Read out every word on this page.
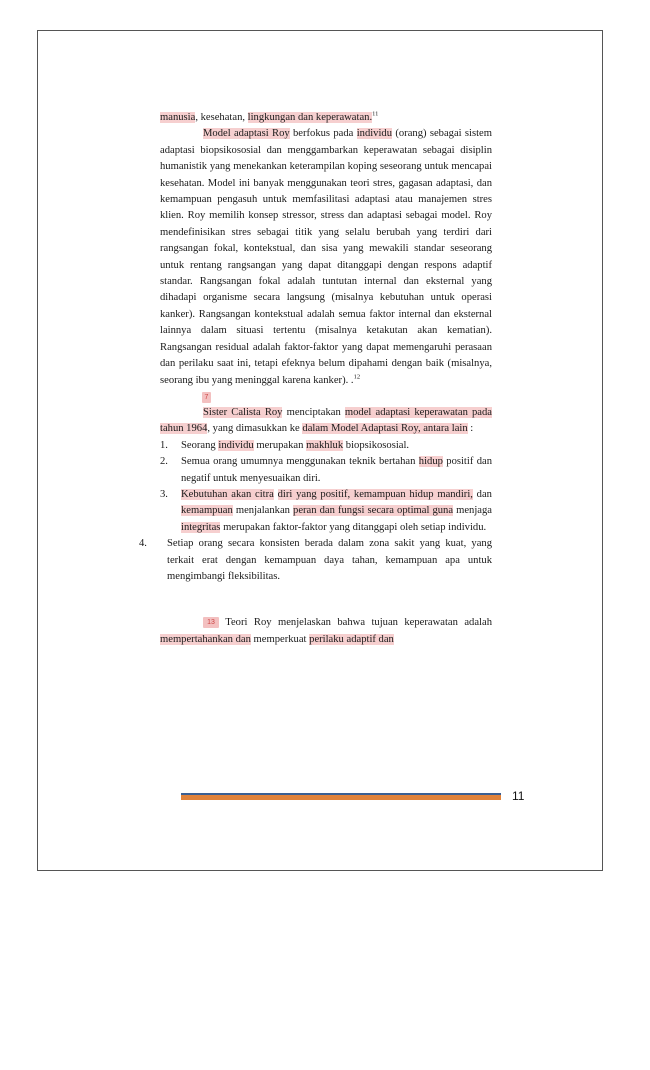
manusia, kesehatan, lingkungan dan keperawatan.$^{11}$

Model adaptasi Roy berfokus pada individu (orang) sebagai sistem adaptasi biopsikososial dan menggambarkan keperawatan sebagai disiplin humanistik yang menekankan keterampilan koping seseorang untuk mencapai kesehatan. Model ini banyak menggunakan teori stres, gagasan adaptasi, dan kemampuan pengasuh untuk memfasilitasi adaptasi atau manajemen stres klien. Roy memilih konsep stressor, stress dan adaptasi sebagai model. Roy mendefinisikan stres sebagai titik yang selalu berubah yang terdiri dari rangsangan fokal, kontekstual, dan sisa yang mewakili standar seseorang untuk rentang rangsangan yang dapat ditanggapi dengan respons adaptif standar. Rangsangan fokal adalah tuntutan internal dan eksternal yang dihadapi organisme secara langsung (misalnya kebutuhan untuk operasi kanker). Rangsangan kontekstual adalah semua faktor internal dan eksternal lainnya dalam situasi tertentu (misalnya ketakutan akan kematian). Rangsangan residual adalah faktor-faktor yang dapat memengaruhi perasaan dan perilaku saat ini, tetapi efeknya belum dipahami dengan baik (misalnya, seorang ibu yang meninggal karena kanker). .$^{12}$

7

Sister Calista Roy menciptakan model adaptasi keperawatan pada tahun 1964, yang dimasukkan ke dalam Model Adaptasi Roy, antara lain :

1. Seorang individu merupakan makhluk biopsikososial.
2. Semua orang umumnya menggunakan teknik bertahan hidup positif dan negatif untuk menyesuaikan diri.
3. Kebutuhan akan citra diri yang positif, kemampuan hidup mandiri, dan kemampuan menjalankan peran dan fungsi secara optimal guna menjaga integritas merupakan faktor-faktor yang ditanggapi oleh setiap individu.
4. Setiap orang secara konsisten berada dalam zona sakit yang kuat, yang terkait erat dengan kemampuan daya tahan, kemampuan apa untuk mengimbangi fleksibilitas.

13 Teori Roy menjelaskan bahwa tujuan keperawatan adalah mempertahankan dan memperkuat perilaku adaptif dan

11
